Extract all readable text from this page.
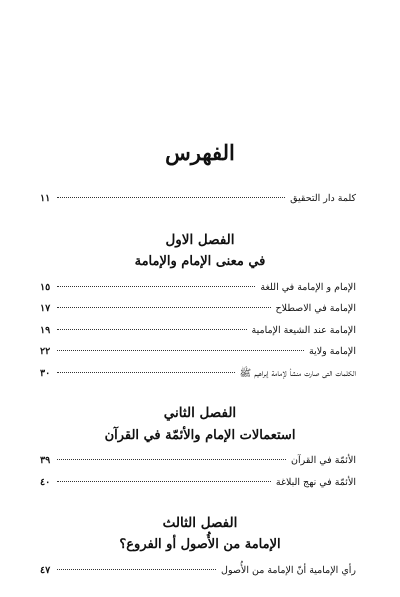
الفهرس
كلمة دار التحقيق
١١
الفصل الاول
في معنى الإمام والإمامة
الإمام و الإمامة في اللغة
١٥
الإمامة في الاصطلاح
١٧
الإمامة عند الشيعة الإمامية
١٩
الإمامة ولاية
٢٢
الكلمات التى صارت منشأ لإمامة إبراهيم ﷺ
٣٠
الفصل الثاني
استعمالات الإمام والأئمّة في القرآن
الأئمّة في القرآن
٣٩
الأئمّة في نهج البلاغة
٤٠
الفصل الثالث
الإمامة من الأُصول أو الفروع؟
رأي الإمامية أنّ الإمامة من الأُصول
٤٧
